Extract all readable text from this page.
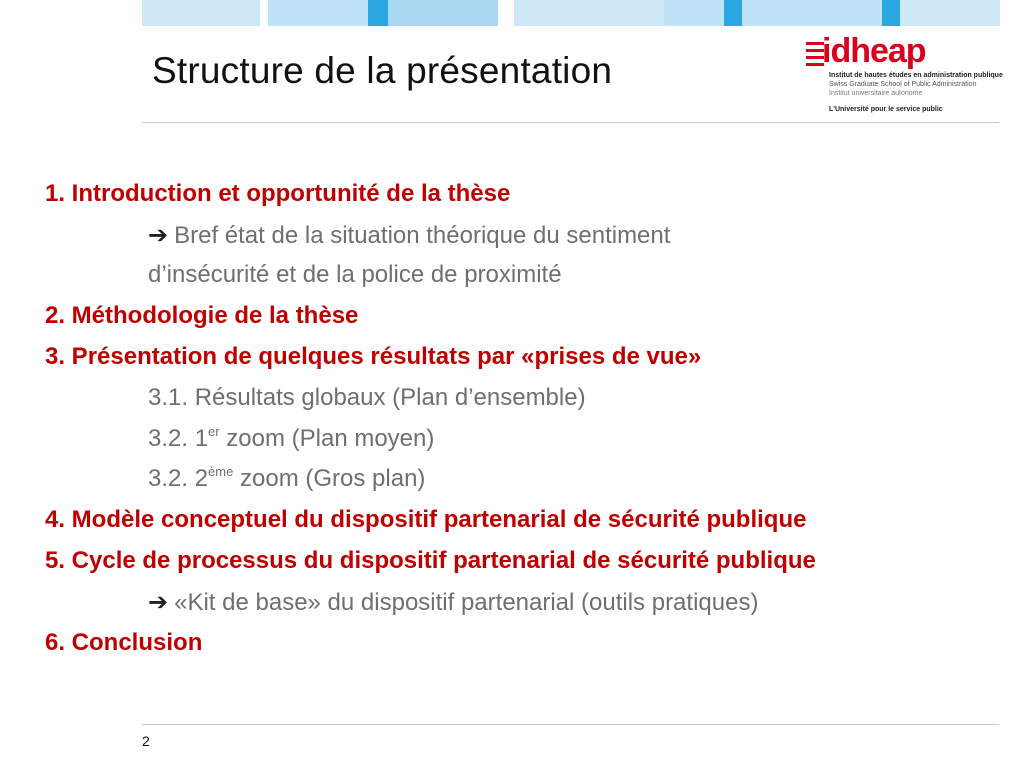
Structure de la présentation	idheap
Institut de hautes études en administration publique
Swiss Graduate School of Public Administration
Institut universitaire autonome
L'Université pour le service public
1. Introduction et opportunité de la thèse
➔ Bref état de la situation théorique du sentiment
d’insécurité et de la police de proximité
2. Méthodologie de la thèse
3. Présentation de quelques résultats par «prises de vue»
3.1. Résultats globaux (Plan d’ensemble)
3.2. 1er zoom (Plan moyen)
3.2. 2ème zoom (Gros plan)
4. Modèle conceptuel du dispositif partenarial de sécurité publique
5. Cycle de processus du dispositif partenarial de sécurité publique
➔ «Kit de base» du dispositif partenarial (outils pratiques)
6. Conclusion
2
